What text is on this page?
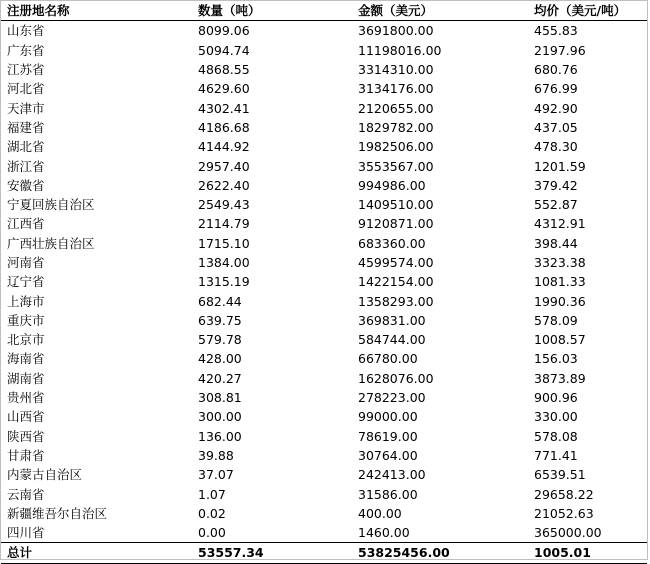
注册地名称	数量（吨）	金额（美元）	均价（美元/吨）
山东省	8099.06	3691800.00	455.83
广东省	5094.74	11198016.00	2197.96
江苏省	4868.55	3314310.00	680.76
河北省	4629.60	3134176.00	676.99
天津市	4302.41	2120655.00	492.90
福建省	4186.68	1829782.00	437.05
湖北省	4144.92	1982506.00	478.30
浙江省	2957.40	3553567.00	1201.59
安徽省	2622.40	994986.00	379.42
宁夏回族自治区	2549.43	1409510.00	552.87
江西省	2114.79	9120871.00	4312.91
广西壮族自治区	1715.10	683360.00	398.44
河南省	1384.00	4599574.00	3323.38
辽宁省	1315.19	1422154.00	1081.33
上海市	682.44	1358293.00	1990.36
重庆市	639.75	369831.00	578.09
北京市	579.78	584744.00	1008.57
海南省	428.00	66780.00	156.03
湖南省	420.27	1628076.00	3873.89
贵州省	308.81	278223.00	900.96
山西省	300.00	99000.00	330.00
陕西省	136.00	78619.00	578.08
甘肃省	39.88	30764.00	771.41
内蒙古自治区	37.07	242413.00	6539.51
云南省	1.07	31586.00	29658.22
新疆维吾尔自治区	0.02	400.00	21052.63
四川省	0.00	1460.00	365000.00
总计	53557.34	53825456.00	1005.01
